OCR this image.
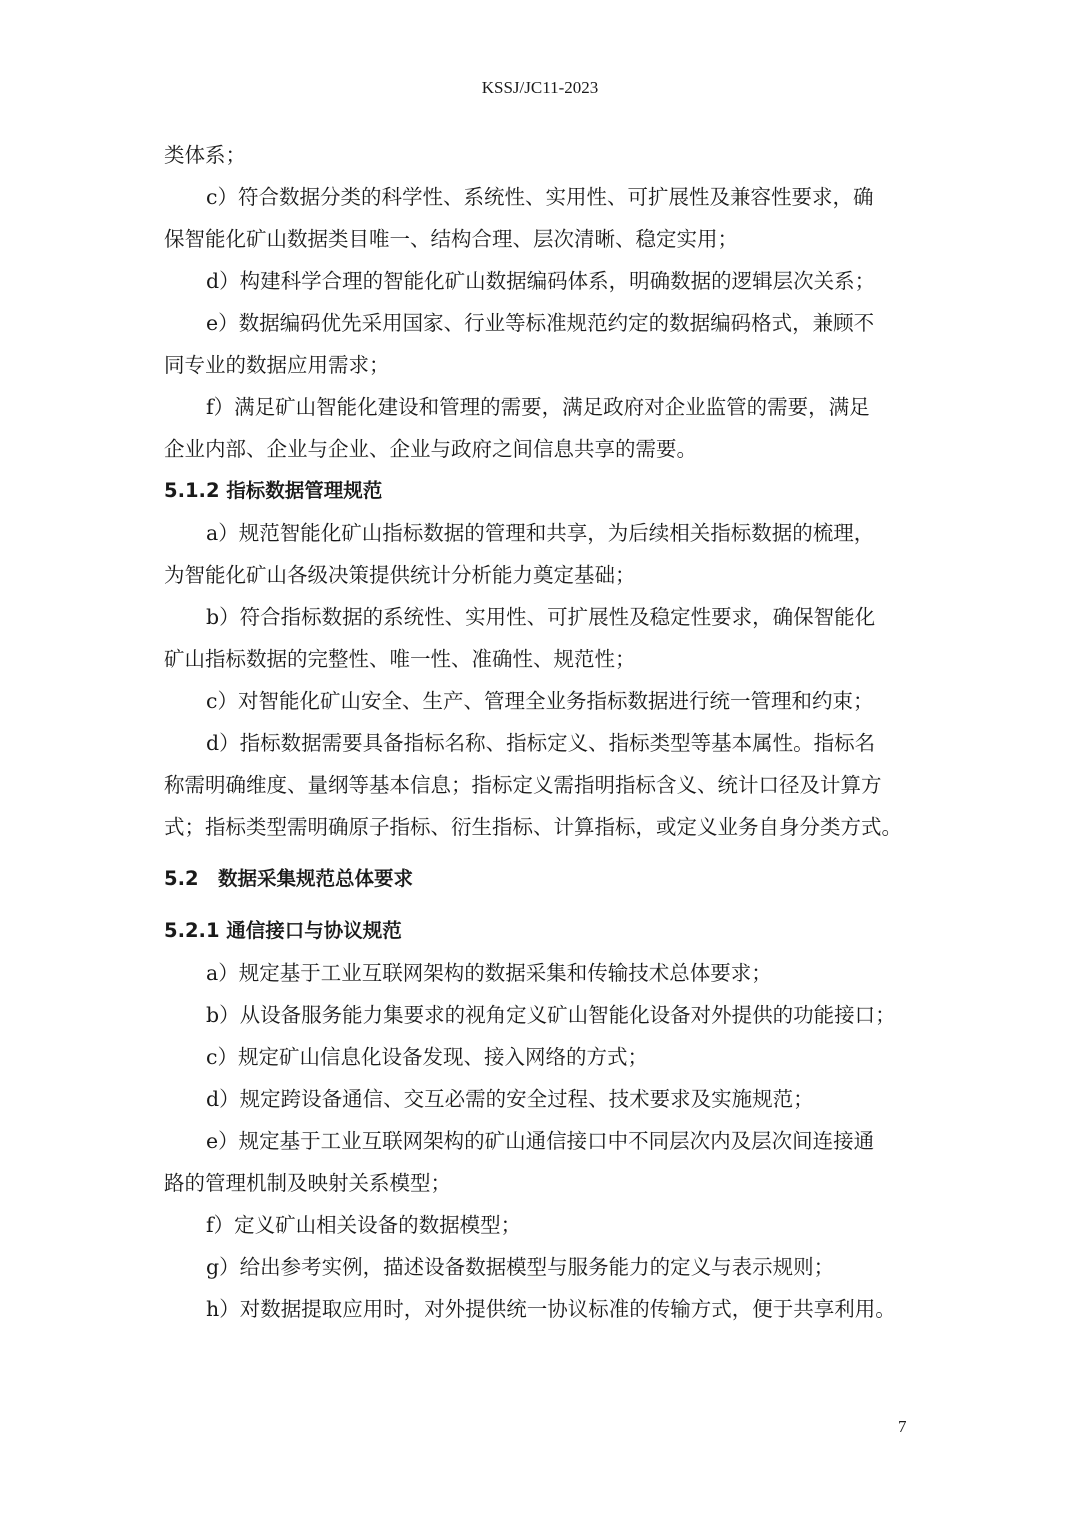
KSSJ/JC11-2023
类体系；
c）符合数据分类的科学性、系统性、实用性、可扩展性及兼容性要求，确
保智能化矿山数据类目唯一、结构合理、层次清晰、稳定实用；
d）构建科学合理的智能化矿山数据编码体系，明确数据的逻辑层次关系；
e）数据编码优先采用国家、行业等标准规范约定的数据编码格式，兼顾不
同专业的数据应用需求；
f）满足矿山智能化建设和管理的需要，满足政府对企业监管的需要，满足
企业内部、企业与企业、企业与政府之间信息共享的需要。
5.1.2 指标数据管理规范
a）规范智能化矿山指标数据的管理和共享，为后续相关指标数据的梳理，
为智能化矿山各级决策提供统计分析能力奠定基础；
b）符合指标数据的系统性、实用性、可扩展性及稳定性要求，确保智能化
矿山指标数据的完整性、唯一性、准确性、规范性；
c）对智能化矿山安全、生产、管理全业务指标数据进行统一管理和约束；
d）指标数据需要具备指标名称、指标定义、指标类型等基本属性。指标名
称需明确维度、量纲等基本信息；指标定义需指明指标含义、统计口径及计算方
式；指标类型需明确原子指标、衍生指标、计算指标，或定义业务自身分类方式。
5.2　数据采集规范总体要求
5.2.1 通信接口与协议规范
a）规定基于工业互联网架构的数据采集和传输技术总体要求；
b）从设备服务能力集要求的视角定义矿山智能化设备对外提供的功能接口；
c）规定矿山信息化设备发现、接入网络的方式；
d）规定跨设备通信、交互必需的安全过程、技术要求及实施规范；
e）规定基于工业互联网架构的矿山通信接口中不同层次内及层次间连接通
路的管理机制及映射关系模型；
f）定义矿山相关设备的数据模型；
g）给出参考实例，描述设备数据模型与服务能力的定义与表示规则；
h）对数据提取应用时，对外提供统一协议标准的传输方式，便于共享利用。
7
